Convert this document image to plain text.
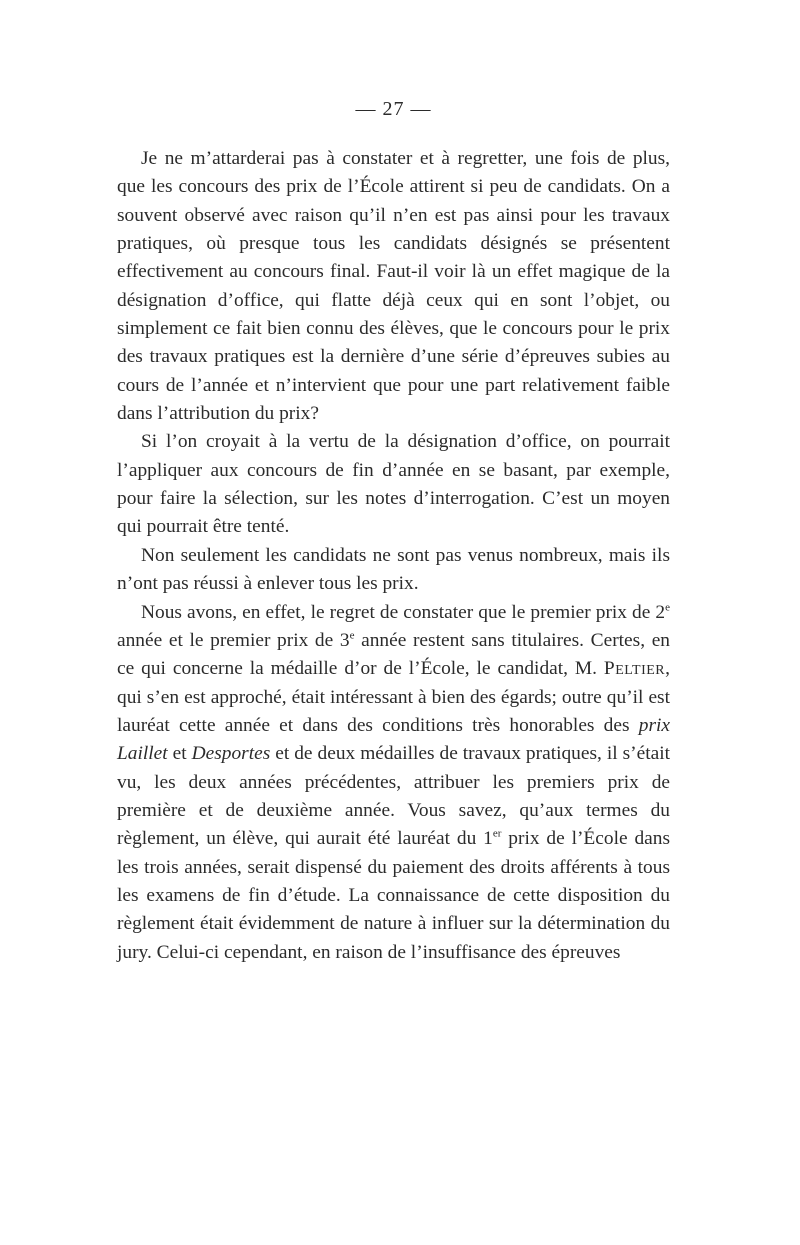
— 27 —

Je ne m’attarderai pas à constater et à regretter, une fois de plus, que les concours des prix de l’École attirent si peu de candidats. On a souvent observé avec raison qu’il n’en est pas ainsi pour les travaux pratiques, où presque tous les candidats désignés se présentent effectivement au concours final. Faut-il voir là un effet magique de la désignation d’office, qui flatte déjà ceux qui en sont l’objet, ou simplement ce fait bien connu des élèves, que le concours pour le prix des travaux pratiques est la dernière d’une série d’épreuves subies au cours de l’année et n’intervient que pour une part relativement faible dans l’attribution du prix?

Si l’on croyait à la vertu de la désignation d’office, on pourrait l’appliquer aux concours de fin d’année en se basant, par exemple, pour faire la sélection, sur les notes d’interrogation. C’est un moyen qui pourrait être tenté.

Non seulement les candidats ne sont pas venus nombreux, mais ils n’ont pas réussi à enlever tous les prix.

Nous avons, en effet, le regret de constater que le premier prix de 2e année et le premier prix de 3e année restent sans titulaires. Certes, en ce qui concerne la médaille d’or de l’École, le candidat, M. Peltier, qui s’en est approché, était intéressant à bien des égards; outre qu’il est lauréat cette année et dans des conditions très honorables des prix Laillet et Desportes et de deux médailles de travaux pratiques, il s’était vu, les deux années précédentes, attribuer les premiers prix de première et de deuxième année. Vous savez, qu’aux termes du règlement, un élève, qui aurait été lauréat du 1er prix de l’École dans les trois années, serait dispensé du paiement des droits afférents à tous les examens de fin d’étude. La connaissance de cette disposition du règlement était évidemment de nature à influer sur la détermination du jury. Celui-ci cependant, en raison de l’insuffisance des épreuves
